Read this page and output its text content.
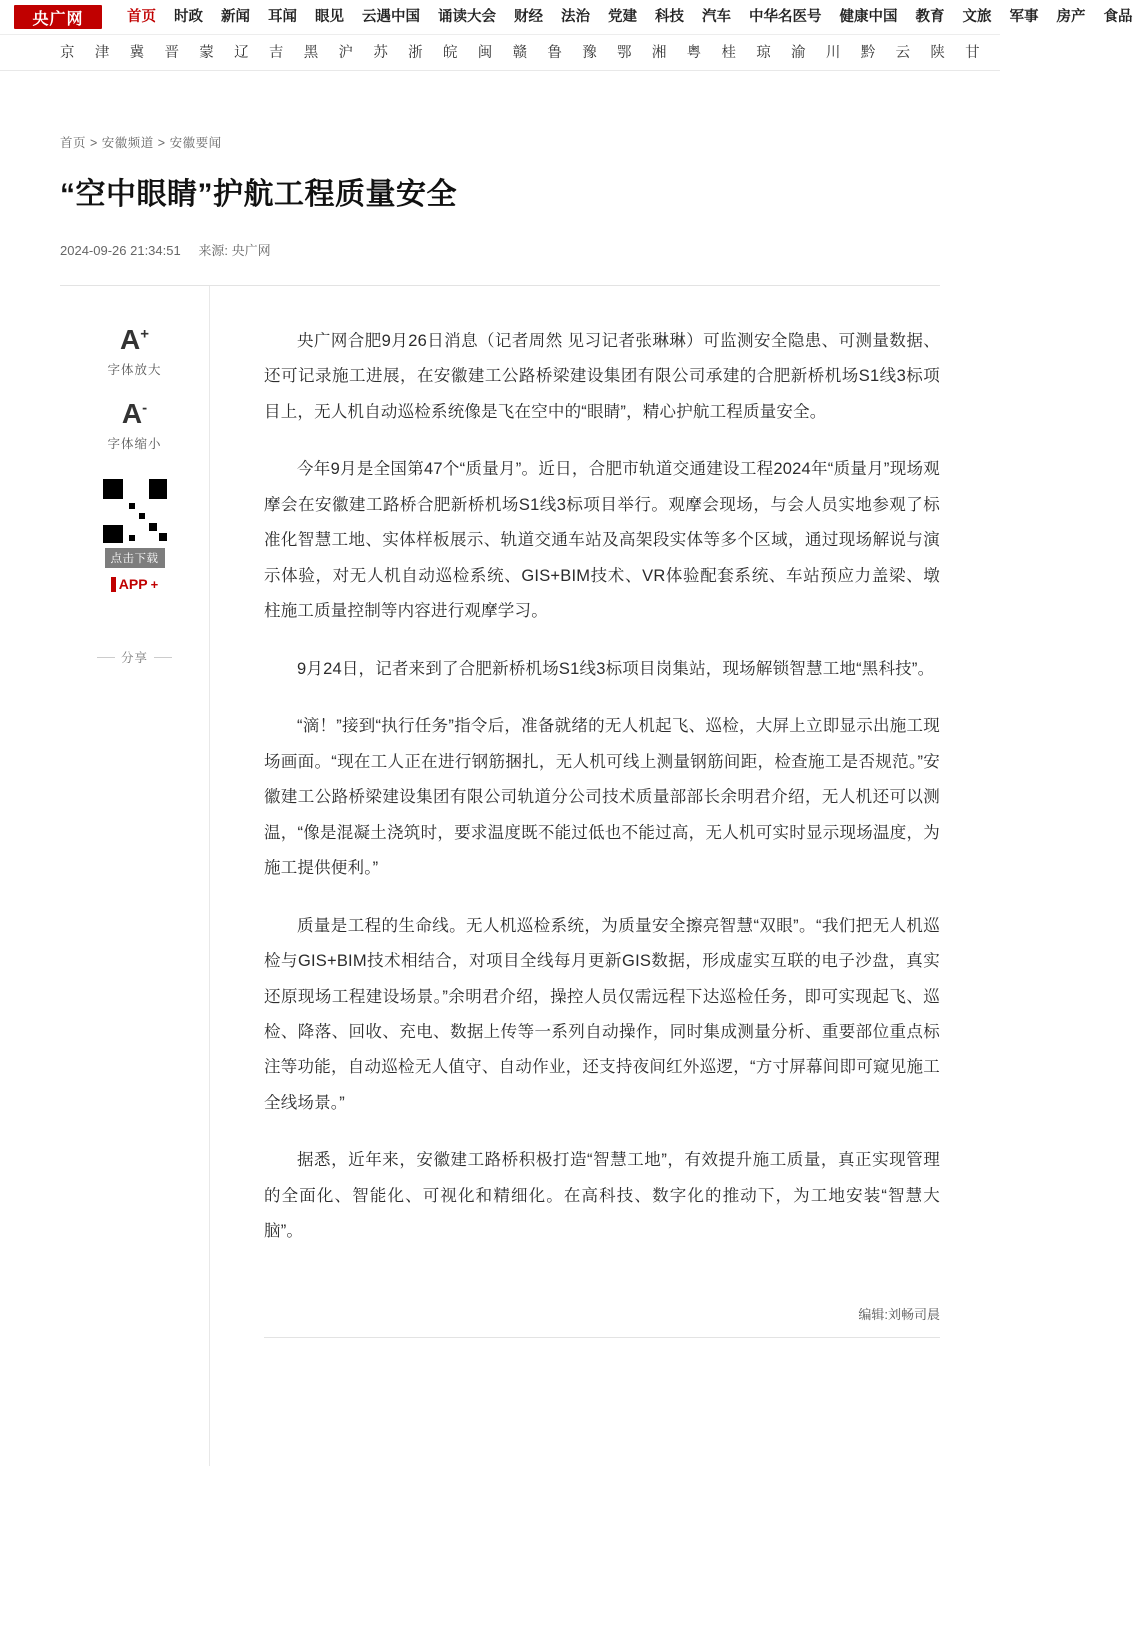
央广网	首页	时政	新闻	耳闻	眼见	云遇中国	诵读大会	财经	法治	党建	科技	汽车	中华名医号	健康中国	教育	文旅	军事	房产	食品
京 津 冀 晋 蒙 辽 吉 黑 沪 苏 浙 皖 闽 赣 鲁 豫 鄂 湘 粤 桂 琼 渝 川 黔 云 陕 甘
首页 > 安徽频道 > 安徽要闻
“空中眼睛”护航工程质量安全
2024-09-26 21:34:51 来源: 央广网
A+
字体放大
A-
字体缩小
点击下载
APP +
分享

央广网合肥9月26日消息（记者周然 见习记者张琳琳）可监测安全隐患、可测量数据、还可记录施工进展，在安徽建工公路桥梁建设集团有限公司承建的合肥新桥机场S1线3标项目上，无人机自动巡检系统像是飞在空中的“眼睛”，精心护航工程质量安全。

今年9月是全国第47个“质量月”。近日，合肥市轨道交通建设工程2024年“质量月”现场观摩会在安徽建工路桥合肥新桥机场S1线3标项目举行。观摩会现场，与会人员实地参观了标准化智慧工地、实体样板展示、轨道交通车站及高架段实体等多个区域，通过现场解说与演示体验，对无人机自动巡检系统、GIS+BIM技术、VR体验配套系统、车站预应力盖梁、墩柱施工质量控制等内容进行观摩学习。

9月24日，记者来到了合肥新桥机场S1线3标项目岗集站，现场解锁智慧工地“黑科技”。

“滴！”接到“执行任务”指令后，准备就绪的无人机起飞、巡检，大屏上立即显示出施工现场画面。“现在工人正在进行钢筋捆扎，无人机可线上测量钢筋间距，检查施工是否规范。”安徽建工公路桥梁建设集团有限公司轨道分公司技术质量部部长余明君介绍，无人机还可以测温，“像是混凝土浇筑时，要求温度既不能过低也不能过高，无人机可实时显示现场温度，为施工提供便利。”

质量是工程的生命线。无人机巡检系统，为质量安全擦亮智慧“双眼”。“我们把无人机巡检与GIS+BIM技术相结合，对项目全线每月更新GIS数据，形成虚实互联的电子沙盘，真实还原现场工程建设场景。”余明君介绍，操控人员仅需远程下达巡检任务，即可实现起飞、巡检、降落、回收、充电、数据上传等一系列自动操作，同时集成测量分析、重要部位重点标注等功能，自动巡检无人值守、自动作业，还支持夜间红外巡逻，“方寸屏幕间即可窥见施工全线场景。”

据悉，近年来，安徽建工路桥积极打造“智慧工地”，有效提升施工质量，真正实现管理的全面化、智能化、可视化和精细化。在高科技、数字化的推动下，为工地安装“智慧大脑”。

编辑:刘畅司晨
